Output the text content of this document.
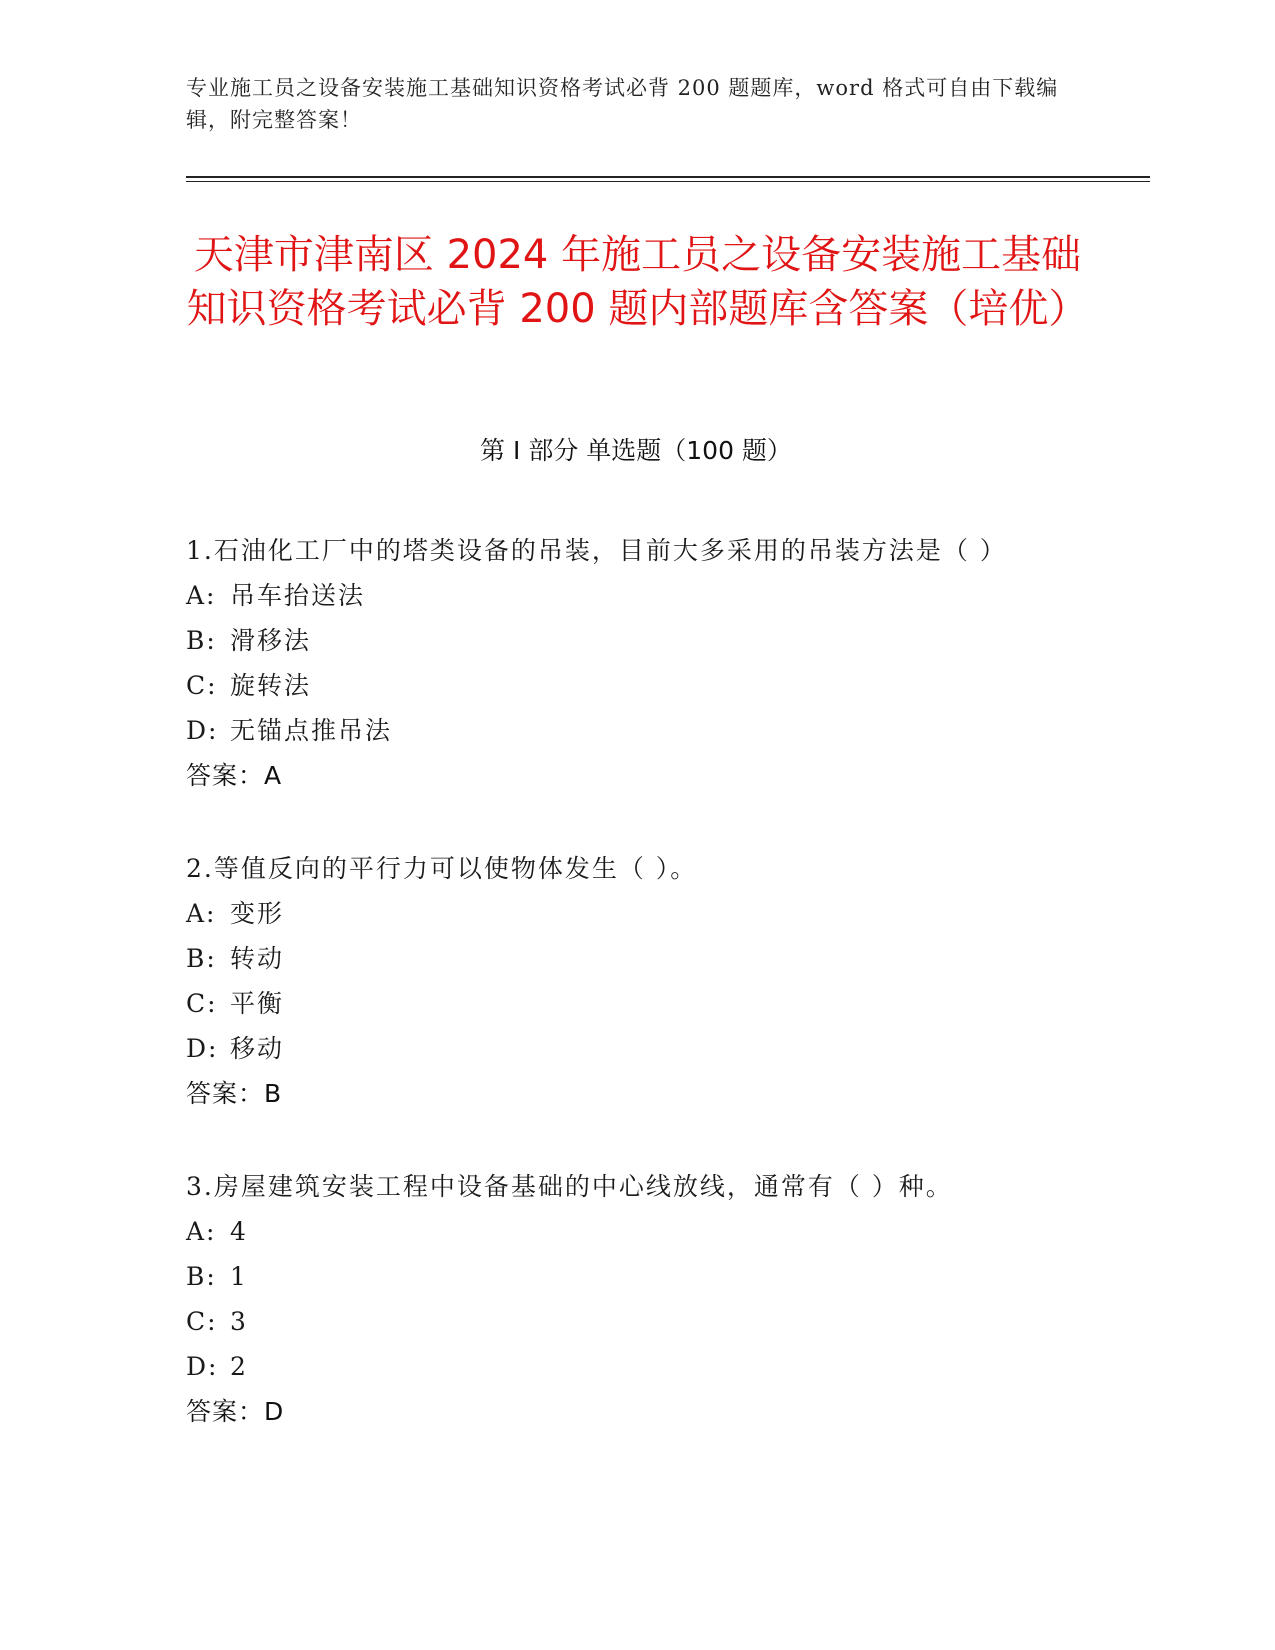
专业施工员之设备安装施工基础知识资格考试必背 200 题题库，word 格式可自由下载编辑，附完整答案！
天津市津南区 2024 年施工员之设备安装施工基础知识资格考试必背 200 题内部题库含答案（培优）
第 I 部分 单选题（100 题）
1.石油化工厂中的塔类设备的吊装，目前大多采用的吊装方法是（ ）
A: 吊车抬送法
B: 滑移法
C: 旋转法
D: 无锚点推吊法
答案：A
2.等值反向的平行力可以使物体发生（ ）。
A: 变形
B: 转动
C: 平衡
D: 移动
答案：B
3.房屋建筑安装工程中设备基础的中心线放线，通常有（ ）种。
A: 4
B: 1
C: 3
D: 2
答案：D
